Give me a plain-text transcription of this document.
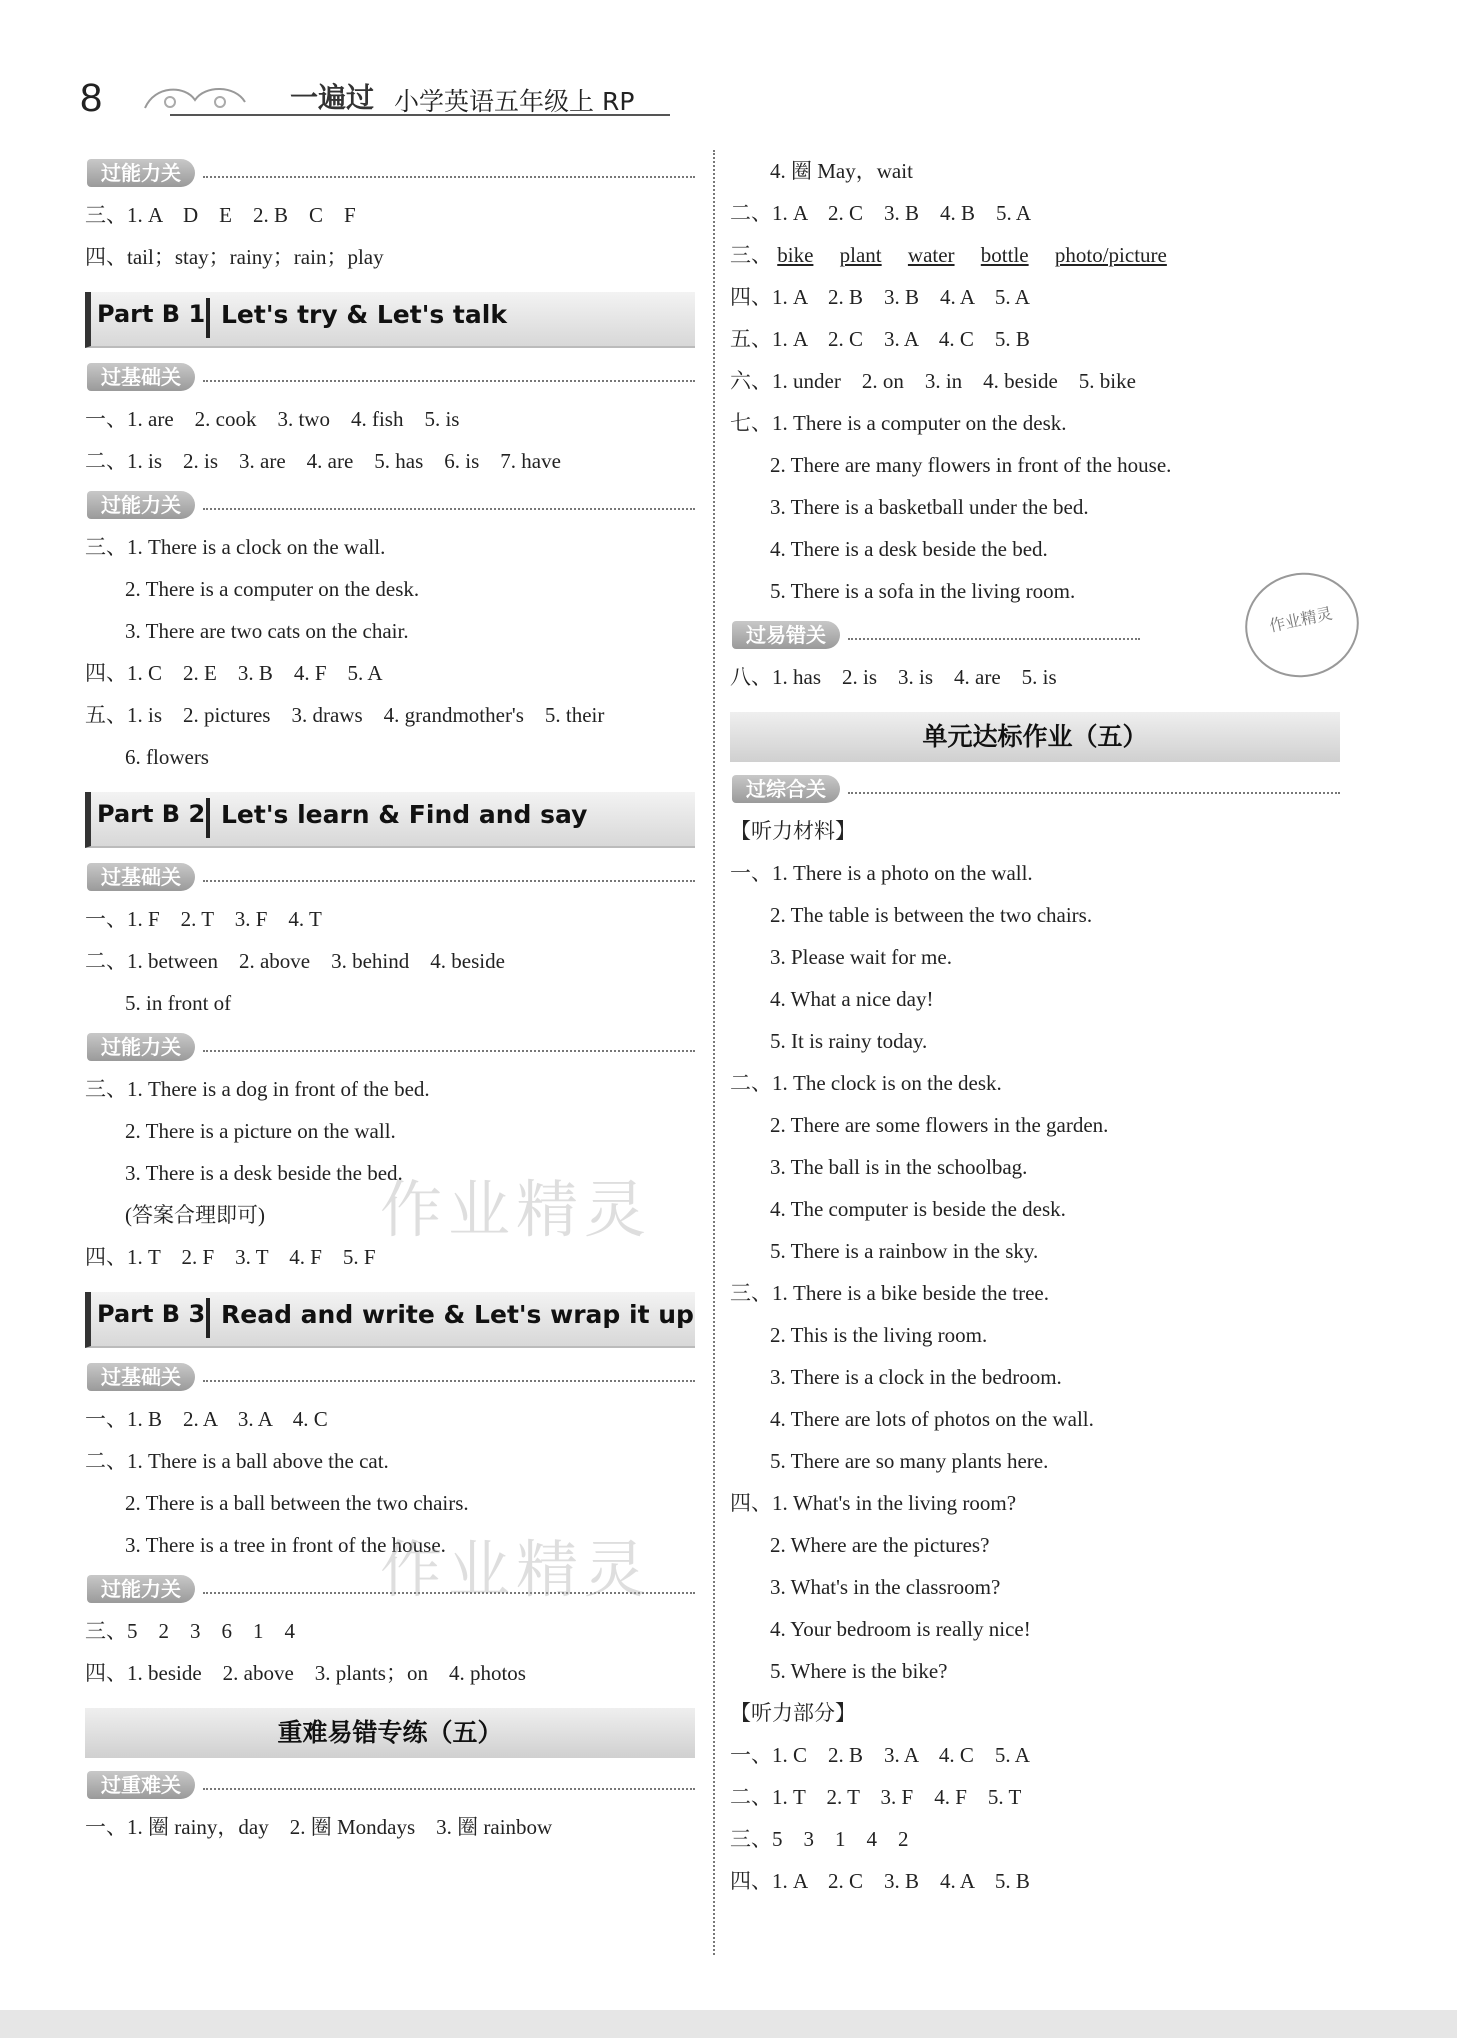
8	一遍过 小学英语五年级上 RP
过能力关
三、1. A　D　E　2. B　C　F
四、tail；stay；rainy；rain；play
Part B 1 Let's try & Let's talk
过基础关
一、1. are　2. cook　3. two　4. fish　5. is
二、1. is　2. is　3. are　4. are　5. has　6. is　7. have
过能力关
三、1. There is a clock on the wall.
2. There is a computer on the desk.
3. There are two cats on the chair.
四、1. C　2. E　3. B　4. F　5. A
五、1. is　2. pictures　3. draws　4. grandmother's　5. their
6. flowers
Part B 2 Let's learn & Find and say
过基础关
一、1. F　2. T　3. F　4. T
二、1. between　2. above　3. behind　4. beside
5. in front of
过能力关
三、1. There is a dog in front of the bed.
2. There is a picture on the wall.
3. There is a desk beside the bed.
(答案合理即可)
四、1. T　2. F　3. T　4. F　5. F
Part B 3 Read and write & Let's wrap it up
过基础关
一、1. B　2. A　3. A　4. C
二、1. There is a ball above the cat.
2. There is a ball between the two chairs.
3. There is a tree in front of the house.
过能力关
三、5　2　3　6　1　4
四、1. beside　2. above　3. plants；on　4. photos
重难易错专练（五）
过重难关
一、1. 圈 rainy，day　2. 圈 Mondays　3. 圈 rainbow
4. 圈 May，wait
二、1. A　2. C　3. B　4. B　5. A
三、 bike　 plant　 water　 bottle　 photo/picture
四、1. A　2. B　3. B　4. A　5. A
五、1. A　2. C　3. A　4. C　5. B
六、1. under　2. on　3. in　4. beside　5. bike
七、1. There is a computer on the desk.
2. There are many flowers in front of the house.
3. There is a basketball under the bed.
4. There is a desk beside the bed.
5. There is a sofa in the living room.
过易错关
八、1. has　2. is　3. is　4. are　5. is
单元达标作业（五）
过综合关
【听力材料】
一、1. There is a photo on the wall.
2. The table is between the two chairs.
3. Please wait for me.
4. What a nice day!
5. It is rainy today.
二、1. The clock is on the desk.
2. There are some flowers in the garden.
3. The ball is in the schoolbag.
4. The computer is beside the desk.
5. There is a rainbow in the sky.
三、1. There is a bike beside the tree.
2. This is the living room.
3. There is a clock in the bedroom.
4. There are lots of photos on the wall.
5. There are so many plants here.
四、1. What's in the living room?
2. Where are the pictures?
3. What's in the classroom?
4. Your bedroom is really nice!
5. Where is the bike?
【听力部分】
一、1. C　2. B　3. A　4. C　5. A
二、1. T　2. T　3. F　4. F　5. T
三、5　3　1　4　2
四、1. A　2. C　3. B　4. A　5. B
作业精灵
作业精灵
作业精灵
